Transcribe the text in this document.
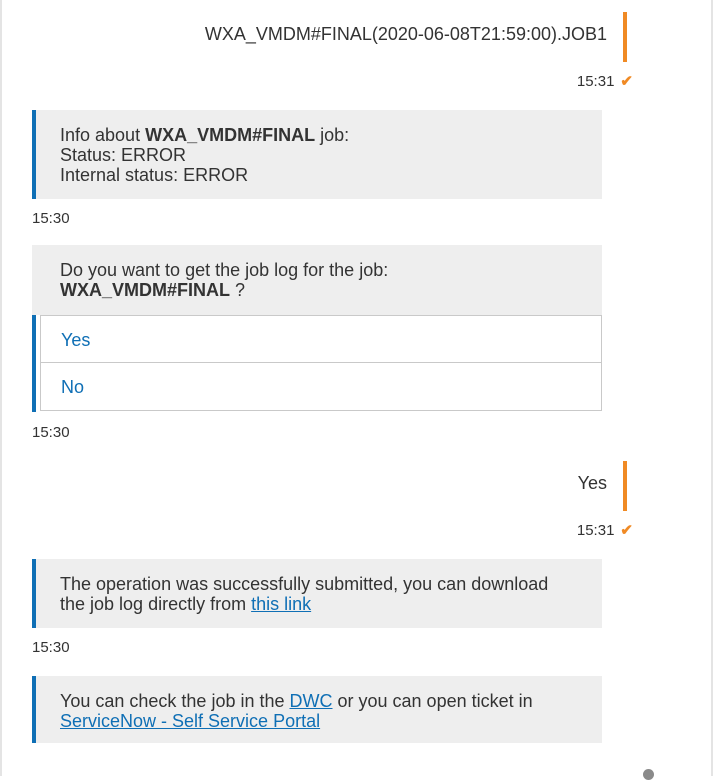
WXA_VMDM#FINAL(2020-06-08T21:59:00).JOB1
15:31 ✔
Info about WXA_VMDM#FINAL job:
Status: ERROR
Internal status: ERROR
15:30
Do you want to get the job log for the job:
WXA_VMDM#FINAL ?
Yes
No
15:30
Yes
15:31 ✔
The operation was successfully submitted, you can download the job log directly from this link
15:30
You can check the job in the DWC or you can open ticket in
ServiceNow - Self Service Portal
